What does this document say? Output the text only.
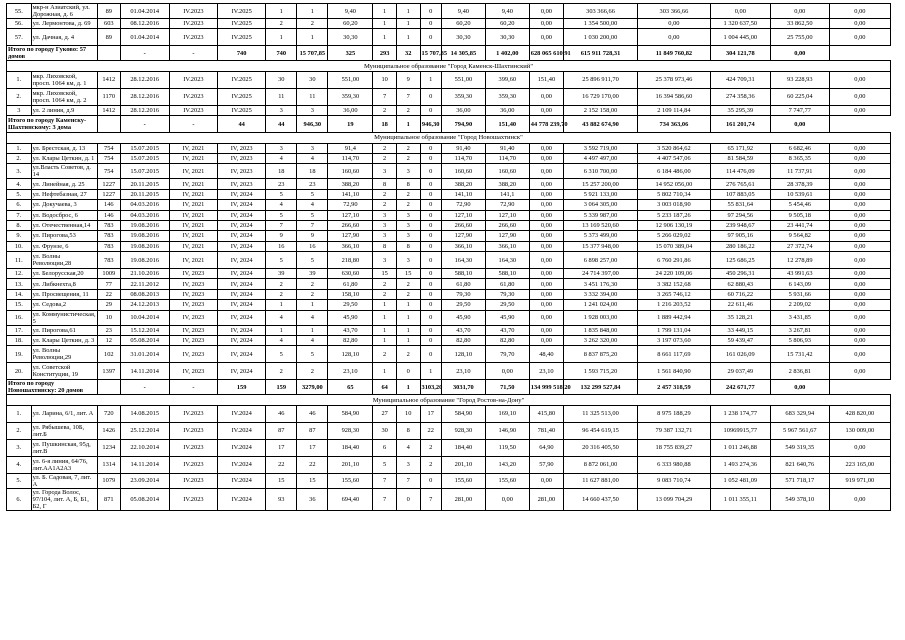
55.	мкр-н Азиатский, ул. Дорожная, д. 6	89	01.04.2014	IV.2023	IV.2025	1	1	9,40	1	1	0	9,40	9,40	0,00	303 366,66	303 366,66	0,00	0,00	0,00
56.	ул. Лермонтова, д. 69	603	08.12.2016	IV.2023	IV.2025	2	2	60,20	1	1	0	60,20	60,20	0,00	1 354 500,00	0,00	1 320 637,50	33 862,50	0,00
57.	ул. Дачная, д. 4	89	01.04.2014	IV.2023	IV.2025	1	1	30,30	1	1	0	30,30	30,30	0,00	1 030 200,00	0,00	1 004 445,00	25 755,00	0,00
Итого по городу Гуково: 57 домов			-	-	740	740	15 707,85	325	293	32	15 707,85	14 305,85	1 402,00	628 065 610,91	615 911 728,31	11 849 760,82	304 121,78	0,00	
Муниципальное образование "Город Каменск-Шахтинский"																			
1.	мкр. Лиховской, просп. 1064 км, д. 1	1412	28.12.2016	IV.2023	IV.2025	30	30	551,00	10	9	1	551,00	399,60	151,40	25 896 911,70	25 378 973,46	424 709,31	93 228,93	0,00
2.	мкр. Лиховской, просп. 1064 км, д. 2	1170	28.12.2016	IV.2023	IV.2025	11	11	359,30	7	7	0	359,30	359,30	0,00	16 729 170,00	16 394 586,60	274 358,36	60 225,04	0,00
3	ул. 2 линия, д.9	1412	28.12.2016	IV.2023	IV.2025	3	3	36,00	2	2	0	36,00	36,00	0,00	2 152 158,00	2 109 114,84	35 295,39	7 747,77	0,00
Итого по городу Каменску-Шахтинскому: 3 дома			-	-	44	44	946,30	19	18	1	946,30	794,90	151,40	44 778 239,70	43 882 674,90	734 363,06	161 201,74	0,00	
Муниципальное образование "Город Новошахтинск"																			
1.	ул. Брестская, д. 13	754	15.07.2015	IV, 2021	IV, 2023	3	3	91,4	2	2	0	91,40	91,40	0,00	3 592 719,00	3 520 864,62	65 171,92	6 682,46	0,00
2.	ул. Клары Цеткин, д. 1	754	15.07.2015	IV, 2021	IV, 2023	4	4	114,70	2	2	0	114,70	114,70	0,00	4 497 497,00	4 407 547,06	81 584,59	8 365,35	0,00
3.	ул.Власть Советов, д. 14	754	15.07.2015	IV, 2021	IV, 2023	18	18	160,60	3	3	0	160,60	160,60	0,00	6 310 700,00	6 184 486,00	114 476,09	11 737,91	0,00
4.	ул. Линейная, д. 25	1227	20.11.2015	IV, 2021	IV, 2023	23	23	388,20	8	8	0	388,20	388,20	0,00	15 257 200,00	14 952 056,00	276 765,61	28 378,39	0,00
5.	ул. Нефтебазная, 27	1227	20.11.2015	IV, 2021	IV, 2024	5	5	141,10	2	2	0	141,10	141,1	0,00	5 921 133,00	5 802 710,34	107 883,05	10 539,61	0,00
6.	ул. Докучаева, 3	146	04.03.2016	IV, 2021	IV, 2024	4	4	72,90	2	2	0	72,90	72,90	0,00	3 064 305,00	3 003 018,90	55 831,64	5 454,46	0,00
7.	ул. Водосброс, 6	146	04.03.2016	IV, 2021	IV, 2024	5	5	127,10	3	3	0	127,10	127,10	0,00	5 339 987,00	5 233 187,26	97 294,56	9 505,18	0,00
8.	ул. Отечественная,14	783	19.08.2016	IV, 2021	IV, 2024	7	7	266,60	3	3	0	266,60	266,60	0,00	13 169 520,60	12 906 130,19	239 948,67	23 441,74	0,00
9.	ул. Пирогова,53	783	19.08.2016	IV, 2021	IV, 2024	9	9	127,90	3	3	0	127,90	127,90	0,00	5 373 499,00	5 266 029,02	97 905,16	9 564,82	0,00
10.	ул. Фрунзе, 6	783	19.08.2016	IV, 2021	IV, 2024	16	16	366,10	8	8	0	366,10	366,10	0,00	15 377 948,00	15 070 389,04	280 186,22	27 372,74	0,00
11.	ул. Волны Революции,28	783	19.08.2016	IV, 2021	IV, 2024	5	5	218,80	3	3	0	164,30	164,30	0,00	6 898 257,00	6 760 291,86	125 686,25	12 278,89	0,00
12.	ул. Белорусская,20	1009	21.10.2016	IV, 2023	IV, 2024	39	39	630,60	15	15	0	588,10	588,10	0,00	24 714 397,00	24 220 109,06	450 296,31	43 991,63	0,00
13.	ул. Либкнехта,8	77	22.11.2012	IV, 2023	IV, 2024	2	2	61,80	2	2	0	61,80	61,80	0,00	3 451 176,30	3 382 152,68	62 880,43	6 143,09	0,00
14.	ул. Просвещения, 11	22	08.08.2013	IV, 2023	IV, 2024	2	2	158,10	2	2	0	79,30	79,30	0,00	3 332 394,00	3 265 746,12	60 716,22	5 931,66	0,00
15.	ул. Седова,2	29	24.12.2013	IV, 2023	IV, 2024	1	1	29,50	1	1	0	29,50	29,50	0,00	1 241 024,00	1 216 203,52	22 611,46	2 209,02	0,00
16.	ул. Коммунистическая, 5	10	10.04.2014	IV, 2023	IV, 2024	4	4	45,90	1	1	0	45,90	45,90	0,00	1 928 003,00	1 889 442,94	35 128,21	3 431,85	0,00
17.	ул. Пирогова,61	23	15.12.2014	IV, 2023	IV, 2024	1	1	43,70	1	1	0	43,70	43,70	0,00	1 835 848,00	1 799 131,04	33 449,15	3 267,81	0,00
18.	ул. Клары Цеткин, д. 3	12	05.08.2014	IV, 2023	IV, 2024	4	4	82,80	1	1	0	82,80	82,80	0,00	3 262 320,00	3 197 073,60	59 439,47	5 806,93	0,00
19.	ул. Волны Революции,29	102	31.01.2014	IV, 2023	IV, 2024	5	5	128,10	2	2	0	128,10	79,70	48,40	8 837 875,20	8 661 117,69	161 026,09	15 731,42	0,00
20.	ул. Советской Конституции, 19	1397	14.11.2014	IV, 2023	IV, 2024	2	2	23,10	1	0	1	23,10	0,00	23,10	1 593 715,20	1 561 840,90	29 037,49	2 836,81	0,00
Итого по городу Новошахтинску: 20 домов			-	-	159	159	3279,00	65	64	1	3103,20	3031,70	71,50	134 999 518,20	132 299 527,84	2 457 318,59	242 671,77	0,00	
Муниципальное образование "Город Ростов-на-Дону"																			
1.	ул. Ларина, 6/1, лит. А	720	14.08.2015	IV.2023	IV.2024	46	46	584,90	27	10	17	584,90	169,10	415,80	11 325 513,00	8 975 188,29	1 238 174,77	683 329,94	428 820,00
2.	ул. Рябышева, 10Б, лит.Б	1426	25.12.2014	IV.2023	IV.2024	87	87	928,30	30	8	22	928,30	146,90	781,40	96 454 619,15	79 387 132,71	10969915,77	5 967 561,67	130 009,00
3.	ул. Пушкинская, 95д, лит.В	1234	22.10.2014	IV.2023	IV.2024	17	17	184,40	6	4	2	184,40	119,50	64,90	20 316 405,50	18 755 839,27	1 011 246,88	549 319,35	0,00
4.	ул. 6-я линия, 64/76, лит.АА1А2А3	1314	14.11.2014	IV.2023	IV.2024	22	22	201,10	5	3	2	201,10	143,20	57,90	8 872 061,00	6 333 980,88	1 493 274,36	821 640,76	223 165,00
5.	ул. Б. Садовая, 7, лит. А	1079	23.09.2014	IV.2023	IV.2024	15	15	155,60	7	7	0	155,60	155,60	0,00	11 627 881,00	9 083 710,74	1 052 481,09	571 718,17	919 971,00
6.	ул. Города Волос, 97/104, лит. А, Б, Б1, Б2, Г	871	05.08.2014	IV.2023	IV.2024	93	36	694,40	7	0	7	281,00	0,00	281,00	14 660 437,50	13 099 704,29	1 011 355,11	549 378,10	0,00
